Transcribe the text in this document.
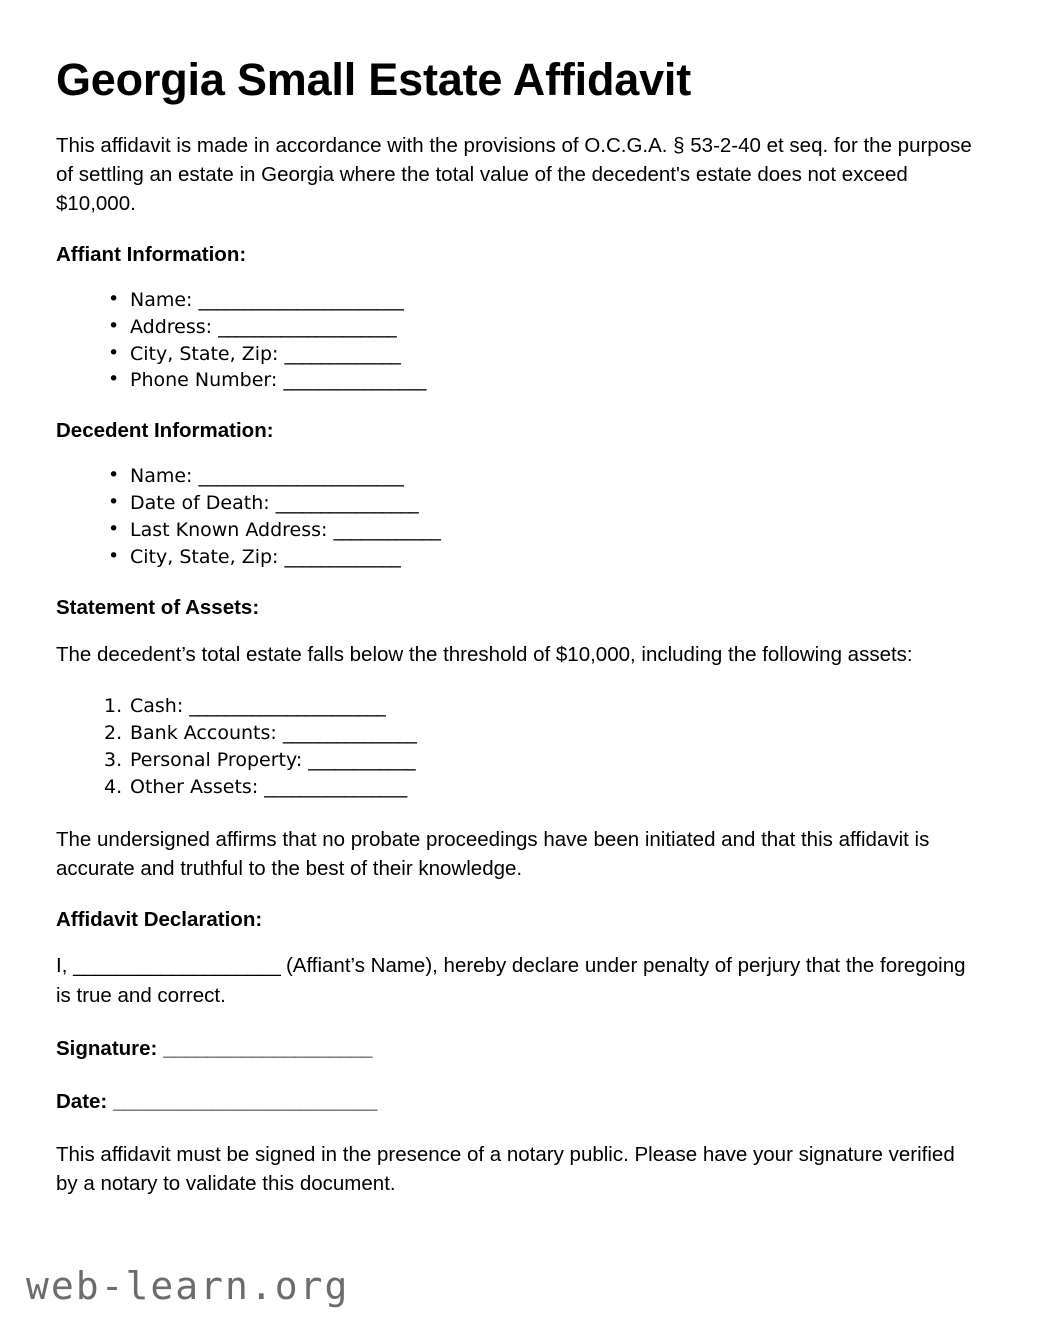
Georgia Small Estate Affidavit

This affidavit is made in accordance with the provisions of O.C.G.A. § 53-2-40 et seq. for the purpose of settling an estate in Georgia where the total value of the decedent's estate does not exceed $10,000.

Affiant Information:
• Name: _______________________
• Address: ____________________
• City, State, Zip: _____________
• Phone Number: ________________
Decedent Information:
• Name: _______________________
• Date of Death: ________________
• Last Known Address: ____________
• City, State, Zip: _____________
Statement of Assets:

The decedent’s total estate falls below the threshold of $10,000, including the following assets:

Cash: ______________________
Bank Accounts: _______________
Personal Property: ____________
Other Assets: ________________

The undersigned affirms that no probate proceedings have been initiated and that this affidavit is accurate and truthful to the best of their knowledge.

Affidavit Declaration:

I, ___________________ (Affiant’s Name), hereby declare under penalty of perjury that the foregoing is true and correct.

Signature: ___________________

Date: ________________________

This affidavit must be signed in the presence of a notary public. Please have your signature verified by a notary to validate this document.

web-learn.org
